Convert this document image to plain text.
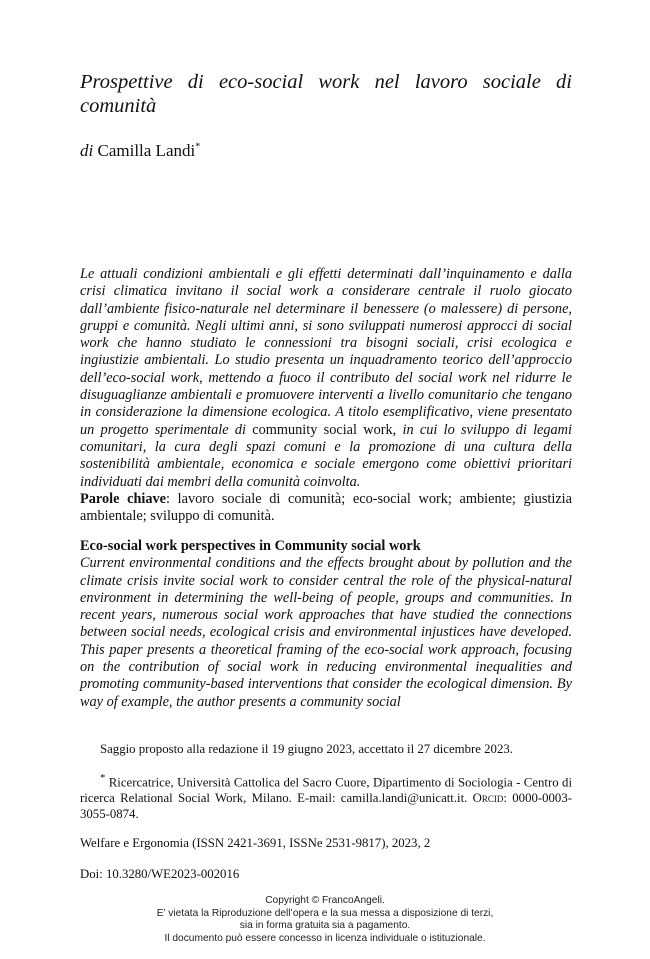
Prospettive di eco-social work nel lavoro sociale di comunità
di Camilla Landi*

Le attuali condizioni ambientali e gli effetti determinati dall’inquinamento e dalla crisi climatica invitano il social work a considerare centrale il ruolo giocato dall’ambiente fisico-naturale nel determinare il benessere (o malessere) di persone, gruppi e comunità. Negli ultimi anni, si sono sviluppati numerosi approcci di social work che hanno studiato le connessioni tra bisogni sociali, crisi ecologica e ingiustizie ambientali. Lo studio presenta un inquadramento teorico dell’approccio dell’eco-social work, mettendo a fuoco il contributo del social work nel ridurre le disuguaglianze ambientali e promuovere interventi a livello comunitario che tengano in considerazione la dimensione ecologica. A titolo esemplificativo, viene presentato un progetto sperimentale di community social work, in cui lo sviluppo di legami comunitari, la cura degli spazi comuni e la promozione di una cultura della sostenibilità ambientale, economica e sociale emergono come obiettivi prioritari individuati dai membri della comunità coinvolta.

Parole chiave: lavoro sociale di comunità; eco-social work; ambiente; giustizia ambientale; sviluppo di comunità.

Eco-social work perspectives in Community social work

Current environmental conditions and the effects brought about by pollution and the climate crisis invite social work to consider central the role of the physical-natural environment in determining the well-being of people, groups and communities. In recent years, numerous social work approaches that have studied the connections between social needs, ecological crisis and environmental injustices have developed. This paper presents a theoretical framing of the eco-social work approach, focusing on the contribution of social work in reducing environmental inequalities and promoting community-based interventions that consider the ecological dimension. By way of example, the author presents a community social

Saggio proposto alla redazione il 19 giugno 2023, accettato il 27 dicembre 2023.
* Ricercatrice, Università Cattolica del Sacro Cuore, Dipartimento di Sociologia - Centro di ricerca Relational Social Work, Milano. E-mail: camilla.landi@unicatt.it. Orcid: 0000-0003-3055-0874.
Welfare e Ergonomia (ISSN 2421-3691, ISSNe 2531-9817), 2023, 2
Doi: 10.3280/WE2023-002016
Copyright © FrancoAngeli.
E’ vietata la Riproduzione dell’opera e la sua messa a disposizione di terzi,
sia in forma gratuita sia a pagamento.
Il documento può essere concesso in licenza individuale o istituzionale.
